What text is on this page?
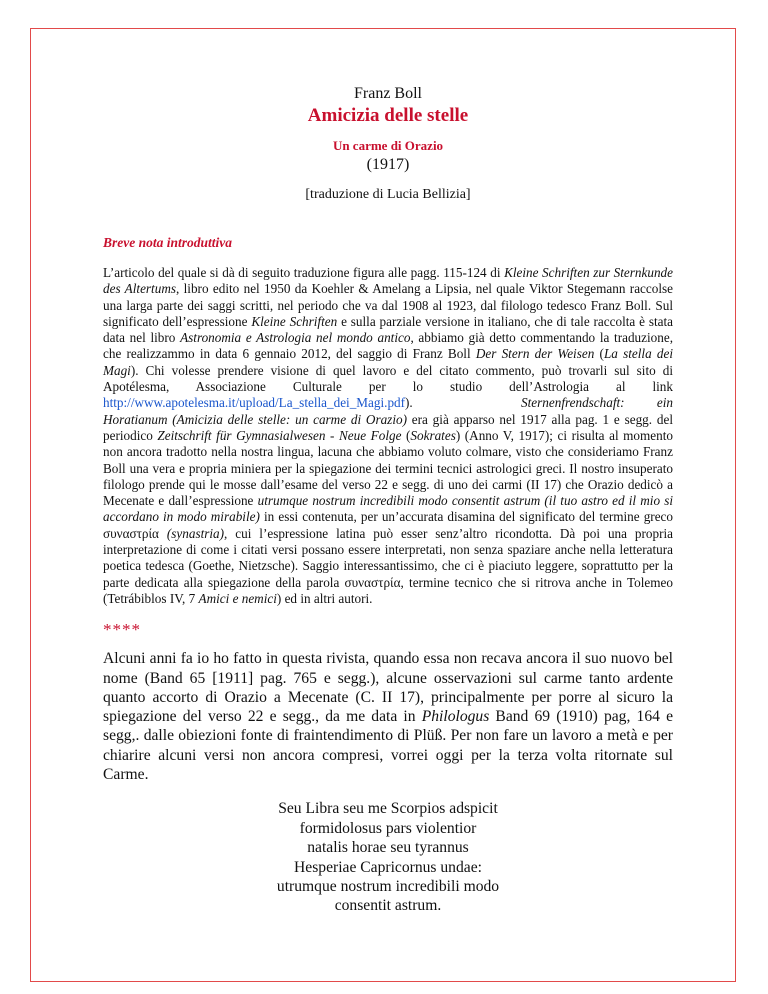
Franz Boll
Amicizia delle stelle
Un carme di Orazio
(1917)
[traduzione di Lucia Bellizia]
Breve nota introduttiva
L’articolo del quale si dà di seguito traduzione figura alle pagg. 115-124 di Kleine Schriften zur Sternkunde des Altertums, libro edito nel 1950 da Koehler & Amelang a Lipsia, nel quale Viktor Stegemann raccolse una larga parte dei saggi scritti, nel periodo che va dal 1908 al 1923, dal filologo tedesco Franz Boll. Sul significato dell’espressione Kleine Schriften e sulla parziale versione in italiano, che di tale raccolta è stata data nel libro Astronomia e Astrologia nel mondo antico, abbiamo già detto commentando la traduzione, che realizzammo in data 6 gennaio 2012, del saggio di Franz Boll Der Stern der Weisen (La stella dei Magi). Chi volesse prendere visione di quel lavoro e del citato commento, può trovarli sul sito di Apotélesma, Associazione Culturale per lo studio dell’Astrologia al link http://www.apotelesma.it/upload/La_stella_dei_Magi.pdf).	Sternenfrendschaft: ein Horatianum (Amicizia delle stelle: un carme di Orazio) era già apparso nel 1917 alla pag. 1 e segg. del periodico Zeitschrift für Gymnasialwesen - Neue Folge (Sokrates) (Anno V, 1917); ci risulta al momento non ancora tradotto nella nostra lingua, lacuna che abbiamo voluto colmare, visto che consideriamo Franz Boll una vera e propria miniera per la spiegazione dei termini tecnici astrologici greci. Il nostro insuperato filologo prende qui le mosse dall’esame del verso 22 e segg. di uno dei carmi (II 17) che Orazio dedicò a Mecenate e dall’espressione utrumque nostrum incredibili modo consentit astrum (il tuo astro ed il mio si accordano in modo mirabile) in essi contenuta, per un’accurata disamina del significato del termine greco συναστρία (synastria), cui l’espressione latina può esser senz’altro ricondotta. Dà poi una propria interpretazione di come i citati versi possano essere interpretati, non senza spaziare anche nella letteratura poetica tedesca (Goethe, Nietzsche). Saggio interessantissimo, che ci è piaciuto leggere, soprattutto per la parte dedicata alla spiegazione della parola συναστρία, termine tecnico che si ritrova anche in Tolemeo (Tetrábiblos IV, 7 Amici e nemici) ed in altri autori.
****
Alcuni anni fa io ho fatto in questa rivista, quando essa non recava ancora il suo nuovo bel nome (Band 65 [1911] pag. 765 e segg.), alcune osservazioni sul carme tanto ardente quanto accorto di Orazio a Mecenate (C. II 17), principalmente per porre al sicuro la spiegazione del verso 22 e segg., da me data in Philologus Band 69 (1910) pag, 164 e segg,. dalle obiezioni fonte di fraintendimento di Plüß. Per non fare un lavoro a metà e per chiarire alcuni versi non ancora compresi, vorrei oggi per la terza volta ritornate sul Carme.
Seu Libra seu me Scorpios adspicit
formidolosus pars violentior
natalis horae seu tyrannus
Hesperiae Capricornus undae:
utrumque nostrum incredibili modo
consentit astrum.
